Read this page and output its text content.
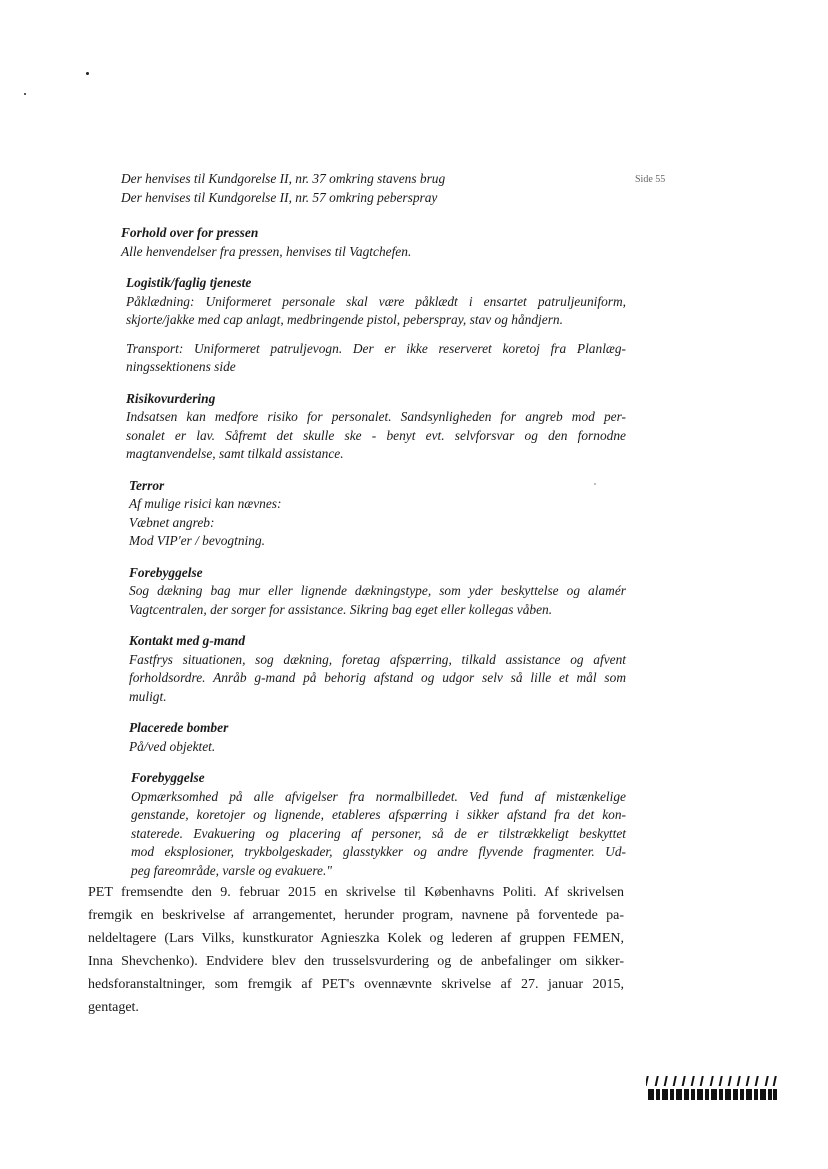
Side 55
Der henvises til Kundgorelse II, nr. 37 omkring stavens brug
Der henvises til Kundgorelse II, nr. 57 omkring peberspray
Forhold over for pressen
Alle henvendelser fra pressen, henvises til Vagtchefen.
Logistik/faglig tjeneste
Påklædning: Uniformeret personale skal være påklædt i ensartet patruljeuniform,
skjorte/jakke med cap anlagt, medbringende pistol, peberspray, stav og håndjern.
Transport: Uniformeret patruljevogn. Der er ikke reserveret koretoj fra Planlæg-
ningssektionens side
Risikovurdering
Indsatsen kan medfore risiko for personalet. Sandsynligheden for angreb mod per-
sonalet er lav. Såfremt det skulle ske - benyt evt. selvforsvar og den fornodne
magtanvendelse, samt tilkald assistance.
Terror
Af mulige risici kan nævnes:
Væbnet angreb:
Mod VIP'er / bevogtning.
Forebyggelse
Sog dækning bag mur eller lignende dækningstype, som yder beskyttelse og alamér
Vagtcentralen, der sorger for assistance. Sikring bag eget eller kollegas våben.
Kontakt med g-mand
Fastfrys situationen, sog dækning, foretag afspærring, tilkald assistance og afvent
forholdsordre. Anråb g-mand på behorig afstand og udgor selv så lille et mål som
muligt.
Placerede bomber
På/ved objektet.
Forebyggelse
Opmærksomhed på alle afvigelser fra normalbilledet. Ved fund af mistænkelige
genstande, koretojer og lignende, etableres afspærring i sikker afstand fra det kon-
staterede. Evakuering og placering af personer, så de er tilstrækkeligt beskyttet
mod eksplosioner, trykbolgeskader, glasstykker og andre flyvende fragmenter. Ud-
peg fareområde, varsle og evakuere."
PET fremsendte den 9. februar 2015 en skrivelse til Københavns Politi. Af skrivelsen
fremgik en beskrivelse af arrangementet, herunder program, navnene på forventede pa-
neldeltagere (Lars Vilks, kunstkurator Agnieszka Kolek og lederen af gruppen FEMEN,
Inna Shevchenko). Endvidere blev den trusselsvurdering og de anbefalinger om sikker-
hedsforanstaltninger, som fremgik af PET's ovennævnte skrivelse af 27. januar 2015,
gentaget.
